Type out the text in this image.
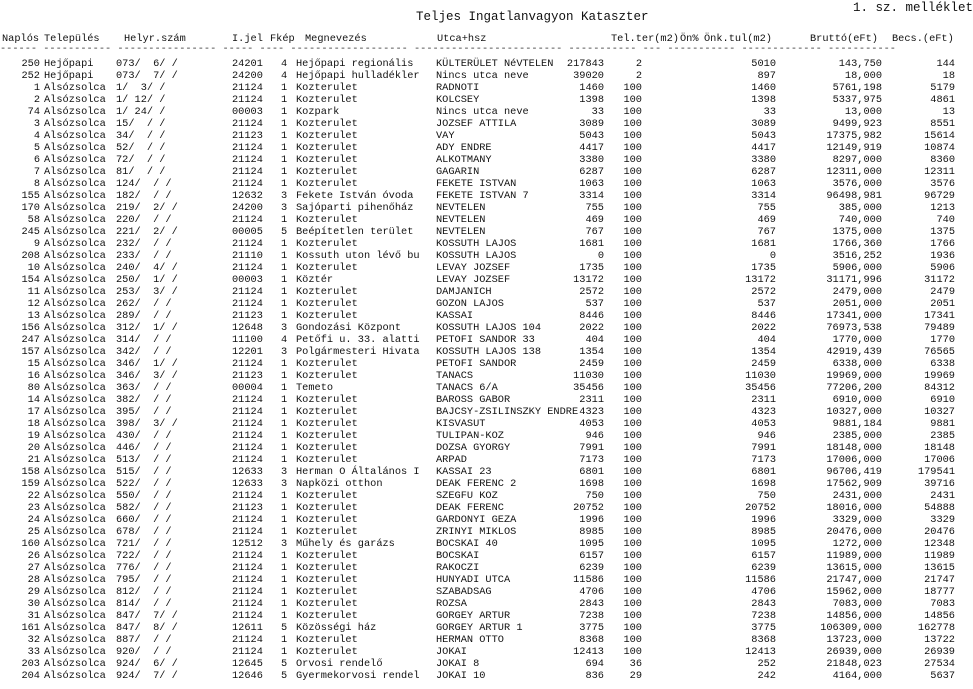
Teljes Ingatlanvagyon Kataszter
1. sz. melléklet
Naplós Település Helyr.szám	I.jel Fkép Megnevezés	Utca+hsz	Tel.ter(m2) Ön% Önk.tul(m2)	Bruttó(eFt) Becs.(eFt)
------ ----------- ---------------- ----- ---- ------------------- ------------------------ ----------- --- ----------- ------------- -----------
250 Hejőpapi 073/  6/ /	24201 4 Hejőpapi regionális	KÜLTERÜLET NéVTELEN	217843	2	5010	143,750	144
252 Hejőpapi 073/  7/ /	24200 4 Hejőpapi hulladékler	Nincs utca neve	39020	2	897	18,000	18
1 Alsózsolca 1/  3/ /	21124 1 Kozterulet	RADNOTI	1460	100	1460	5761,198	5179
2 Alsózsolca 1/ 12/ /	21124 1 Kozterulet	KOLCSEY	1398	100	1398	5337,975	4861
74 Alsózsolca 1/ 24/ /	00003 1 Kozpark	Nincs utca neve	33	100	33	13,000	13
3 Alsózsolca 15/  / /	21124 1 Kozterulet	JOZSEF ATTILA	3089	100	3089	9499,923	8551
4 Alsózsolca 34/  / /	21123 1 Kozterulet	VAY	5043	100	5043	17375,982	15614
5 Alsózsolca 52/  / /	21124 1 Kozterulet	ADY ENDRE	4417	100	4417	12149,919	10874
6 Alsózsolca 72/  / /	21124 1 Kozterulet	ALKOTMANY	3380	100	3380	8297,000	8360
7 Alsózsolca 81/  / /	21124 1 Kozterulet	GAGARIN	6287	100	6287	12311,000	12311
8 Alsózsolca 124/  / /	21124 1 Kozterulet	FEKETE ISTVAN	1063	100	1063	3576,000	3576
155 Alsózsolca 182/  / /	12632 3 Fekete István óvoda	FEKETE ISTVAN 7	3314	100	3314	96498,981	96729
170 Alsózsolca 219/  2/ /	24200 3 Sajóparti pihenőház	NEVTELEN	755	100	755	385,000	1213
58 Alsózsolca 220/  / /	21124 1 Kozterulet	NEVTELEN	469	100	469	740,000	740
245 Alsózsolca 221/  2/ /	00005 5 Beépítetlen terület	NEVTELEN	767	100	767	1375,000	1375
9 Alsózsolca 232/  / /	21124 1 Kozterulet	KOSSUTH LAJOS	1681	100	1681	1766,360	1766
208 Alsózsolca 233/  / /	21110 1 Kossuth uton lévő bu	KOSSUTH LAJOS	0	100	0	3516,252	1936
10 Alsózsolca 240/  4/ /	21124 1 Kozterulet	LEVAY JOZSEF	1735	100	1735	5906,000	5906
154 Alsózsolca 250/  1/ /	00003 1 Köztér	LEVAY JOZSEF	13172	100	13172	31171,996	31172
11 Alsózsolca 253/  3/ /	21124 1 Kozterulet	DAMJANICH	2572	100	2572	2479,000	2479
12 Alsózsolca 262/  / /	21124 1 Kozterulet	GOZON LAJOS	537	100	537	2051,000	2051
13 Alsózsolca 289/  / /	21123 1 Kozterulet	KASSAI	8446	100	8446	17341,000	17341
156 Alsózsolca 312/  1/ /	12648 3 Gondozási Központ	KOSSUTH LAJOS 104	2022	100	2022	76973,538	79489
247 Alsózsolca 314/  / /	11100 4 Petőfi u. 33. alatti	PETOFI SANDOR 33	404	100	404	1770,000	1770
157 Alsózsolca 342/  / /	12201 3 Polgármesteri Hivata	KOSSUTH LAJOS 138	1354	100	1354	42919,439	76565
15 Alsózsolca 346/  1/ /	21124 1 Kozterulet	PETOFI SANDOR	2459	100	2459	6338,000	6338
16 Alsózsolca 346/  3/ /	21123 1 Kozterulet	TANACS	11030	100	11030	19969,000	19969
80 Alsózsolca 363/  / /	00004 1 Temeto	TANACS 6/A	35456	100	35456	77206,200	84312
14 Alsózsolca 382/  / /	21124 1 Kozterulet	BAROSS GABOR	2311	100	2311	6910,000	6910
17 Alsózsolca 395/  / /	21124 1 Kozterulet	BAJCSY-ZSILINSZKY ENDRE 4323	100	4323	10327,000	10327
18 Alsózsolca 398/  3/ /	21124 1 Kozterulet	KISVASUT	4053	100	4053	9881,184	9881
19 Alsózsolca 430/  / /	21124 1 Kozterulet	TULIPAN-KOZ	946	100	946	2385,000	2385
20 Alsózsolca 446/  / /	21124 1 Kozterulet	DOZSA GYORGY	7991	100	7991	18148,000	18148
21 Alsózsolca 513/  / /	21124 1 Kozterulet	ARPAD	7173	100	7173	17006,000	17006
158 Alsózsolca 515/  / /	12633 3 Herman O Általános I	KASSAI 23	6801	100	6801	96706,419	179541
159 Alsózsolca 522/  / /	12633 3 Napközi otthon	DEAK FERENC 2	1698	100	1698	17562,909	39716
22 Alsózsolca 550/  / /	21124 1 Kozterulet	SZEGFU KOZ	750	100	750	2431,000	2431
23 Alsózsolca 582/  / /	21123 1 Kozterulet	DEAK FERENC	20752	100	20752	18016,000	54888
24 Alsózsolca 660/  / /	21124 1 Kozterulet	GARDONYI GEZA	1996	100	1996	3329,000	3329
25 Alsózsolca 678/  / /	21124 1 Kozterulet	ZRINYI MIKLOS	8985	100	8985	20476,000	20476
160 Alsózsolca 721/  / /	12512 3 Műhely és garázs	BOCSKAI 40	1095	100	1095	1272,000	12348
26 Alsózsolca 722/  / /	21124 1 Kozterulet	BOCSKAI	6157	100	6157	11989,000	11989
27 Alsózsolca 776/  / /	21124 1 Kozterulet	RAKOCZI	6239	100	6239	13615,000	13615
28 Alsózsolca 795/  / /	21124 1 Kozterulet	HUNYADI UTCA	11586	100	11586	21747,000	21747
29 Alsózsolca 812/  / /	21124 1 Kozterulet	SZABADSAG	4706	100	4706	15962,000	18777
30 Alsózsolca 814/  / /	21124 1 Kozterulet	ROZSA	2843	100	2843	7083,000	7083
31 Alsózsolca 847/  7/ /	21124 1 Kozterulet	GORGEY ARTUR	7238	100	7238	14856,000	14856
161 Alsózsolca 847/  8/ /	12611 5 Közösségi ház	GORGEY ARTUR 1	3775	100	3775	106309,000	162778
32 Alsózsolca 887/  / /	21124 1 Kozterulet	HERMAN OTTO	8368	100	8368	13723,000	13722
33 Alsózsolca 920/  / /	21124 1 Kozterulet	JOKAI	12413	100	12413	26939,000	26939
203 Alsózsolca 924/  6/ /	12645 5 Orvosi rendelő	JOKAI 8	694	36	252	21848,023	27534
204 Alsózsolca 924/  7/ /	12646 5 Gyermekorvosi rendel	JOKAI 10	836	29	242	4164,000	5637
